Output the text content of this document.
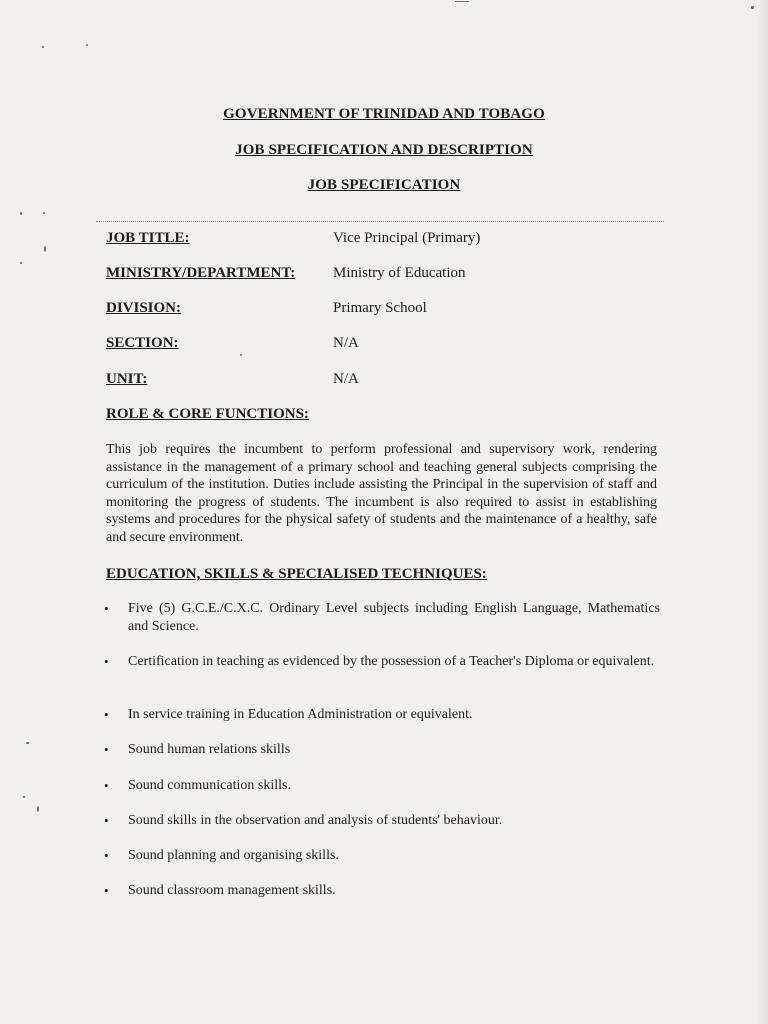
GOVERNMENT OF TRINIDAD AND TOBAGO
JOB SPECIFICATION AND DESCRIPTION
JOB SPECIFICATION
JOB TITLE:	Vice Principal (Primary)
MINISTRY/DEPARTMENT:	Ministry of Education
DIVISION:	Primary School
SECTION:	N/A
UNIT:	N/A
ROLE & CORE FUNCTIONS:
This job requires the incumbent to perform professional and supervisory work, rendering assistance in the management of a primary school and teaching general subjects comprising the curriculum of the institution. Duties include assisting the Principal in the supervision of staff and monitoring the progress of students. The incumbent is also required to assist in establishing systems and procedures for the physical safety of students and the maintenance of a healthy, safe and secure environment.
EDUCATION, SKILLS & SPECIALISED TECHNIQUES:
•	Five (5) G.C.E./C.X.C. Ordinary Level subjects including English Language, Mathematics and Science.
•	Certification in teaching as evidenced by the possession of a Teacher's Diploma or equivalent.
•	In service training in Education Administration or equivalent.
•	Sound human relations skills
•	Sound communication skills.
•	Sound skills in the observation and analysis of students' behaviour.
•	Sound planning and organising skills.
•	Sound classroom management skills.
